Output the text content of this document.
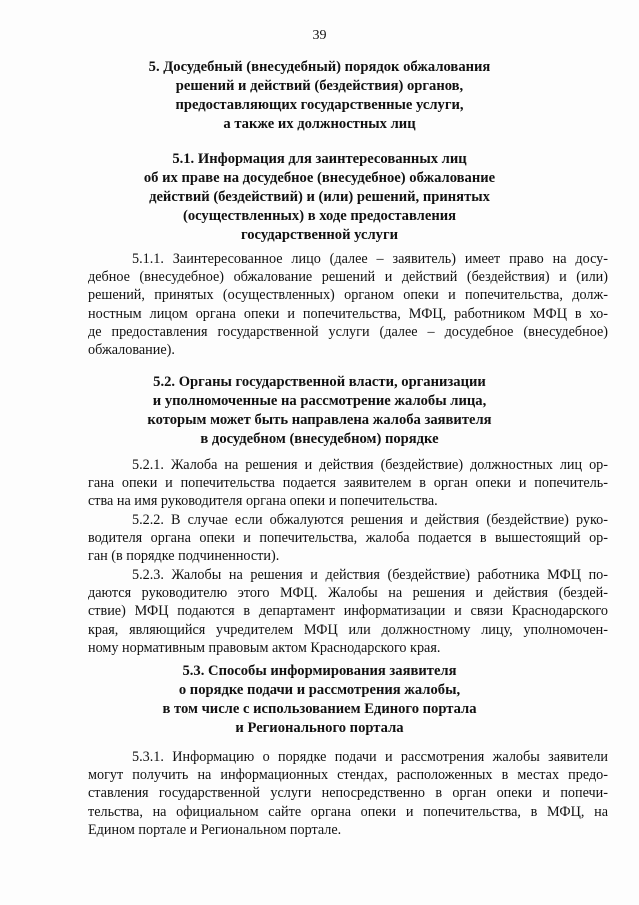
39
5. Досудебный (внесудебный) порядок обжалования
решений и действий (бездействия) органов,
предоставляющих государственные услуги,
а также их должностных лиц
5.1. Информация для заинтересованных лиц
об их праве на досудебное (внесудебное) обжалование
действий (бездействий) и (или) решений, принятых
(осуществленных) в ходе предоставления
государственной услуги
5.1.1. Заинтересованное лицо (далее – заявитель) имеет право на досу-
дебное (внесудебное) обжалование решений и действий (бездействия) и (или)
решений, принятых (осуществленных) органом опеки и попечительства, долж-
ностным лицом органа опеки и попечительства, МФЦ, работником МФЦ в хо-
де предоставления государственной услуги (далее – досудебное (внесудебное)
обжалование).
5.2. Органы государственной власти, организации
и уполномоченные на рассмотрение жалобы лица,
которым может быть направлена жалоба заявителя
в досудебном (внесудебном) порядке
5.2.1. Жалоба на решения и действия (бездействие) должностных лиц ор-
гана опеки и попечительства подается заявителем в орган опеки и попечитель-
ства на имя руководителя органа опеки и попечительства.
5.2.2. В случае если обжалуются решения и действия (бездействие) руко-
водителя органа опеки и попечительства, жалоба подается в вышестоящий ор-
ган (в порядке подчиненности).
5.2.3. Жалобы на решения и действия (бездействие) работника МФЦ по-
даются руководителю этого МФЦ. Жалобы на решения и действия (бездей-
ствие) МФЦ подаются в департамент информатизации и связи Краснодарского
края, являющийся учредителем МФЦ или должностному лицу, уполномочен-
ному нормативным правовым актом Краснодарского края.
5.3. Способы информирования заявителя
о порядке подачи и рассмотрения жалобы,
в том числе с использованием Единого портала
и Регионального портала
5.3.1. Информацию о порядке подачи и рассмотрения жалобы заявители
могут получить на информационных стендах, расположенных в местах предо-
ставления государственной услуги непосредственно в орган опеки и попечи-
тельства, на официальном сайте органа опеки и попечительства, в МФЦ, на
Едином портале и Региональном портале.
